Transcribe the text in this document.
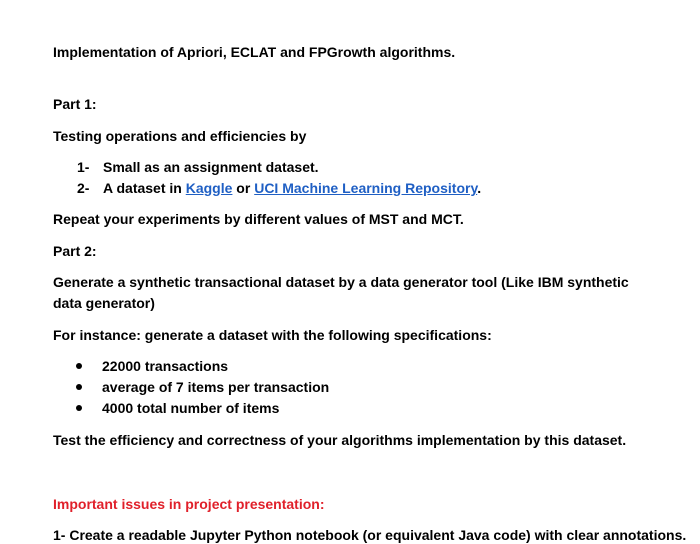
Implementation of Apriori, ECLAT and FPGrowth algorithms.
Part 1:
Testing operations and efficiencies by
1- Small as an assignment dataset.
2- A dataset in Kaggle or UCI Machine Learning Repository.
Repeat your experiments by different values of MST and MCT.
Part 2:
Generate a synthetic transactional dataset by a data generator tool (Like IBM synthetic data generator)
For instance: generate a dataset with the following specifications:
22000 transactions
average of 7 items per transaction
4000 total number of items
Test the efficiency and correctness of your algorithms implementation by this dataset.
Important issues in project presentation:
1- Create a readable Jupyter Python notebook (or equivalent Java code) with clear annotations.
